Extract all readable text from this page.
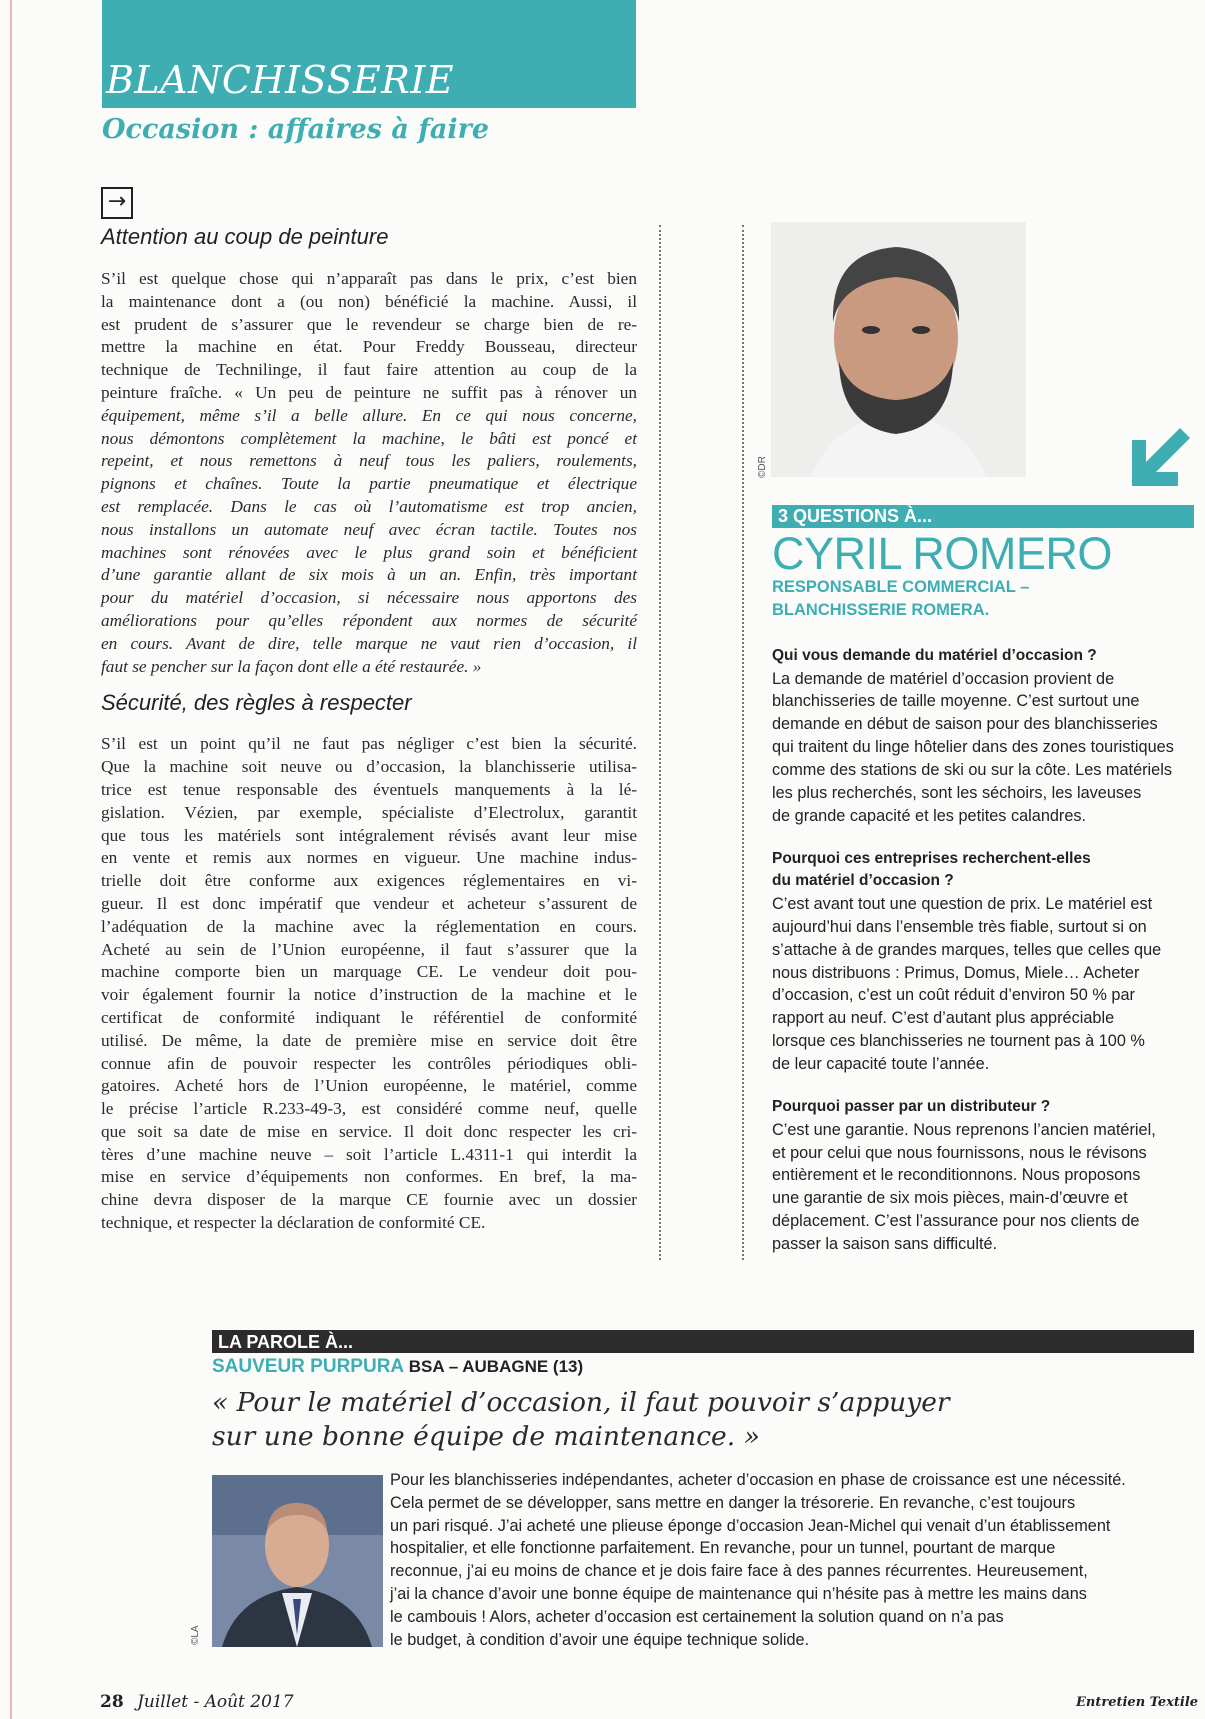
BLANCHISSERIE
Occasion : affaires à faire
→
Attention au coup de peinture
S’il est quelque chose qui n’apparaît pas dans le prix, c’est bien
la maintenance dont a (ou non) bénéficié la machine. Aussi, il
est prudent de s’assurer que le revendeur se charge bien de re-
mettre la machine en état. Pour Freddy Bousseau, directeur
technique de Technilinge, il faut faire attention au coup de la
peinture fraîche. « Un peu de peinture ne suffit pas à rénover un
équipement, même s’il a belle allure. En ce qui nous concerne,
nous démontons complètement la machine, le bâti est poncé et
repeint, et nous remettons à neuf tous les paliers, roulements,
pignons et chaînes. Toute la partie pneumatique et électrique
est remplacée. Dans le cas où l’automatisme est trop ancien,
nous installons un automate neuf avec écran tactile. Toutes nos
machines sont rénovées avec le plus grand soin et bénéficient
d’une garantie allant de six mois à un an. Enfin, très important
pour du matériel d’occasion, si nécessaire nous apportons des
améliorations pour qu’elles répondent aux normes de sécurité
en cours. Avant de dire, telle marque ne vaut rien d’occasion, il
faut se pencher sur la façon dont elle a été restaurée. »
Sécurité, des règles à respecter
S’il est un point qu’il ne faut pas négliger c’est bien la sécurité.
Que la machine soit neuve ou d’occasion, la blanchisserie utilisa-
trice est tenue responsable des éventuels manquements à la lé-
gislation. Vézien, par exemple, spécialiste d’Electrolux, garantit
que tous les matériels sont intégralement révisés avant leur mise
en vente et remis aux normes en vigueur. Une machine indus-
trielle doit être conforme aux exigences réglementaires en vi-
gueur. Il est donc impératif que vendeur et acheteur s’assurent de
l’adéquation de la machine avec la réglementation en cours.
Acheté au sein de l’Union européenne, il faut s’assurer que la
machine comporte bien un marquage CE. Le vendeur doit pou-
voir également fournir la notice d’instruction de la machine et le
certificat de conformité indiquant le référentiel de conformité
utilisé. De même, la date de première mise en service doit être
connue afin de pouvoir respecter les contrôles périodiques obli-
gatoires. Acheté hors de l’Union européenne, le matériel, comme
le précise l’article R.233-49-3, est considéré comme neuf, quelle
que soit sa date de mise en service. Il doit donc respecter les cri-
tères d’une machine neuve – soit l’article L.4311-1 qui interdit la
mise en service d’équipements non conformes. En bref, la ma-
chine devra disposer de la marque CE fournie avec un dossier
technique, et respecter la déclaration de conformité CE.
©DR
3 QUESTIONS À...
CYRIL ROMERO
RESPONSABLE COMMERCIAL –
BLANCHISSERIE ROMERA.
Qui vous demande du matériel d’occasion ?
La demande de matériel d’occasion provient de
blanchisseries de taille moyenne. C’est surtout une
demande en début de saison pour des blanchisseries
qui traitent du linge hôtelier dans des zones touristiques
comme des stations de ski ou sur la côte. Les matériels
les plus recherchés, sont les séchoirs, les laveuses
de grande capacité et les petites calandres.
Pourquoi ces entreprises recherchent-elles
du matériel d’occasion ?
C’est avant tout une question de prix. Le matériel est
aujourd’hui dans l’ensemble très fiable, surtout si on
s’attache à de grandes marques, telles que celles que
nous distribuons : Primus, Domus, Miele… Acheter
d’occasion, c’est un coût réduit d’environ 50 % par
rapport au neuf. C’est d’autant plus appréciable
lorsque ces blanchisseries ne tournent pas à 100 %
de leur capacité toute l’année.
Pourquoi passer par un distributeur ?
C’est une garantie. Nous reprenons l’ancien matériel,
et pour celui que nous fournissons, nous le révisons
entièrement et le reconditionnons. Nous proposons
une garantie de six mois pièces, main-d’œuvre et
déplacement. C’est l’assurance pour nos clients de
passer la saison sans difficulté.
LA PAROLE À...
SAUVEUR PURPURA BSA – AUBAGNE (13)
« Pour le matériel d’occasion, il faut pouvoir s’appuyer
sur une bonne équipe de maintenance. »
©LA
Pour les blanchisseries indépendantes, acheter d’occasion en phase de croissance est une nécessité.
Cela permet de se développer, sans mettre en danger la trésorerie. En revanche, c’est toujours
un pari risqué. J’ai acheté une plieuse éponge d’occasion Jean-Michel qui venait d’un établissement
hospitalier, et elle fonctionne parfaitement. En revanche, pour un tunnel, pourtant de marque
reconnue, j’ai eu moins de chance et je dois faire face à des pannes récurrentes. Heureusement,
j’ai la chance d’avoir une bonne équipe de maintenance qui n’hésite pas à mettre les mains dans
le cambouis ! Alors, acheter d’occasion est certainement la solution quand on n’a pas
le budget, à condition d’avoir une équipe technique solide.
28 Juillet - Août 2017	Entretien Textile
